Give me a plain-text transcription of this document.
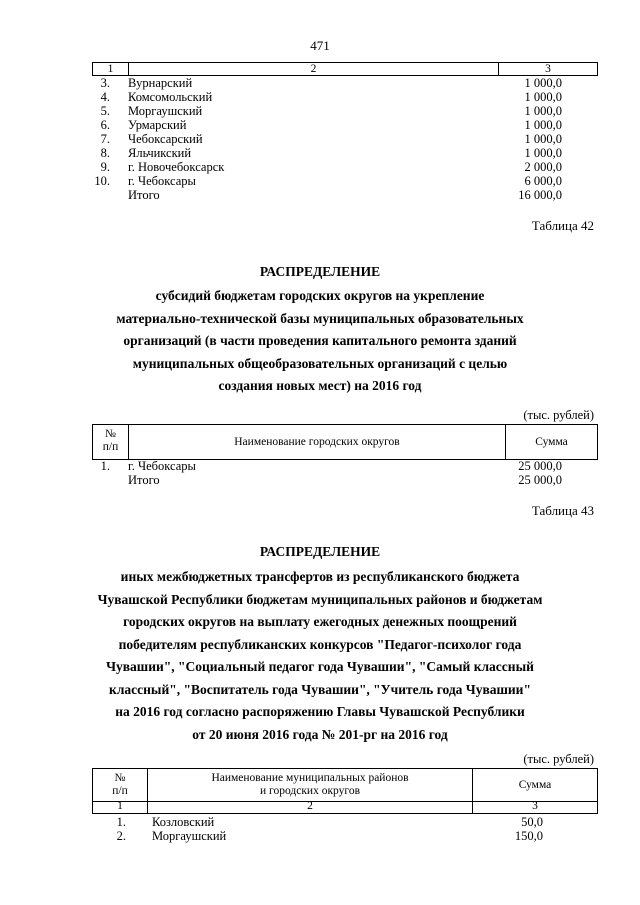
471
1	2	3
3. Вурнарский	1 000,0
4. Комсомольский	1 000,0
5. Моргаушский	1 000,0
6. Урмарский	1 000,0
7. Чебоксарский	1 000,0
8. Яльчикский	1 000,0
9. г. Новочебоксарск	2 000,0
10. г. Чебоксары	6 000,0
Итого	16 000,0
Таблица 42
РАСПРЕДЕЛЕНИЕ
субсидий бюджетам городских округов на укрепление
материально-технической базы муниципальных образовательных
организаций (в части проведения капитального ремонта зданий
муниципальных общеобразовательных организаций с целью
создания новых мест) на 2016 год
(тыс. рублей)
№
п/п	Наименование городских округов	Сумма
1. г. Чебоксары	25 000,0
Итого	25 000,0
Таблица 43
РАСПРЕДЕЛЕНИЕ
иных межбюджетных трансфертов из республиканского бюджета
Чувашской Республики бюджетам муниципальных районов и бюджетам
городских округов на выплату ежегодных денежных поощрений
победителям республиканских конкурсов "Педагог-психолог года
Чувашии", "Социальный педагог года Чувашии", "Самый классный
классный", "Воспитатель года Чувашии", "Учитель года Чувашии"
на 2016 год согласно распоряжению Главы Чувашской Республики
от 20 июня 2016 года № 201-рг на 2016 год
(тыс. рублей)
№
п/п
Наименование муниципальных районов
и городских округов	Сумма
1	2	3
1. Козловский	50,0
2. Моргаушский	150,0
